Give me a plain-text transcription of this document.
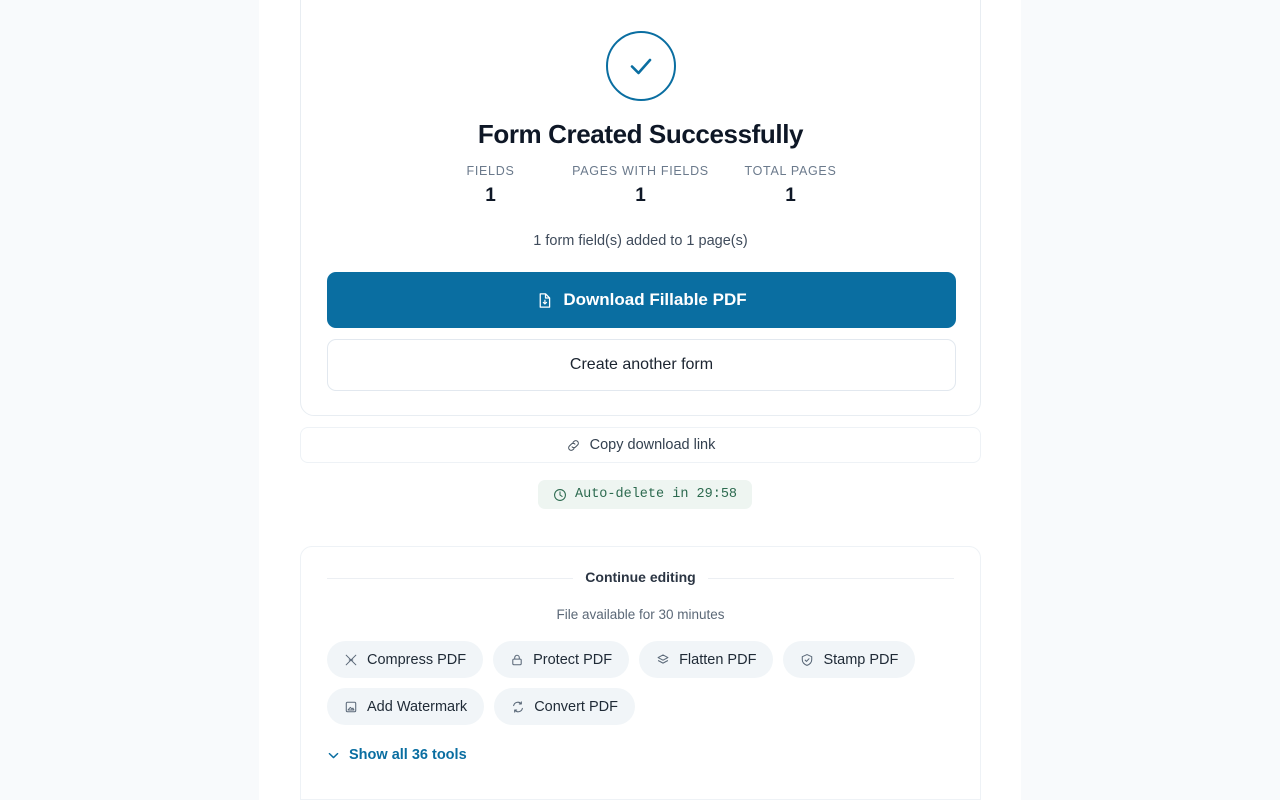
Form Created Successfully
FIELDS
1
PAGES WITH FIELDS
1
TOTAL PAGES
1
1 form field(s) added to 1 page(s)
Download Fillable PDF
Create another form
Copy download link
Auto-delete in 29:58
Continue editing
File available for 30 minutes
Compress PDF	Protect PDF	Flatten PDF	Stamp PDF
Add Watermark	Convert PDF
Show all 36 tools
